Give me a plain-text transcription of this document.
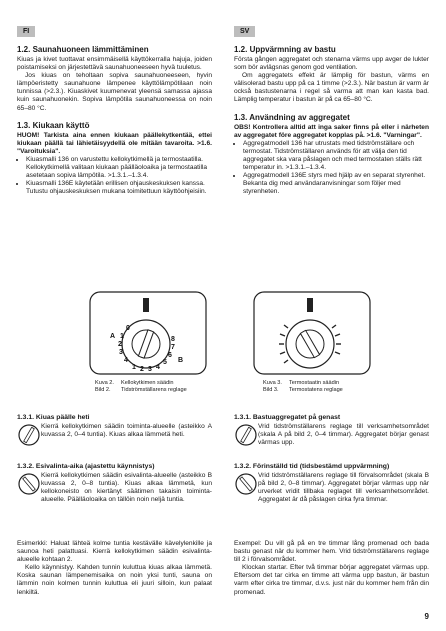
FI
1.2. Saunahuoneen lämmittäminen

Kiuas ja kivet tuottavat ensimmäisellä käyttökerralla hajuja, joiden poistamiseksi on järjestettävä saunahuoneeseen hyvä tuuletus.

Jos kiuas on teholtaan sopiva saunahuoneeseen, hyvin lämpöeristetty saunahuone lämpenee käyttölämpötilaan noin tunnissa (>2.3.). Kiuaskivet kuumenevat yleensä samassa ajassa kuin saunahuonekin. Sopiva lämpötila saunahuoneessa on noin 65–80 °C.

1.3. Kiukaan käyttö

HUOM! Tarkista aina ennen kiukaan päällekytkentää, ettei kiukaan päällä tai lähietäisyydellä ole mitään tavaroita. >1.6. "Varoituksia".

• Kiuasmalli 136 on varustettu kellokytkimellä ja termostaatilla. Kellokytkimellä valitaan kiukaan päälläoloaika ja termostaatilla asetetaan sopiva lämpötila. >1.3.1.–1.3.4.
• Kiuasmalli 136E käytetään erillisen ohjauskeskuksen kanssa. Tutustu ohjauskeskuksen mukana toimitettuun käyttöohjeisiin.
SV
1.2. Uppvärmning av bastu

Första gången aggregatet och stenarna värms upp avger de lukter som bör avlägsnas genom god ventilation.

Om aggregatets effekt är lämplig för bastun, värms en välisolerad bastu upp på ca 1 timme (>2.3.). När bastun är varm är också bastustenarna i regel så varma att man kan kasta bad. Lämplig temperatur i bastun är på ca 65–80 °C.

1.3. Användning av aggregatet

OBS! Kontrollera alltid att inga saker finns på eller i närheten av aggregatet före aggregatet kopplas på. >1.6. "Varningar".

• Aggregatmodell 136 har utrustats med tidströmställare och termostat. Tidströmställaren används för att välja den tid aggregatet ska vara påslagen och med termostaten ställs rätt temperatur in. >1.3.1.–1.3.4.
• Aggregatmodell 136E styrs med hjälp av en separat styrenhet. Bekanta dig med användaranvisningar som följer med styrenheten.
0
1
2
3
4
1 2 3 4
5
6
7
8
A
B
Kuva 2. Kellokytkimen säädin
Bild 2. Tidströmställarens reglage
Kuva 3. Termostaatin säädin
Bild 3. Termostatens reglage
1.3.1. Kiuas päälle heti

Kierrä kellokytkimen säädin toiminta-alueelle (asteikko A kuvassa 2, 0–4 tuntia). Kiuas alkaa lämmetä heti.

1.3.2. Esivalinta-aika (ajastettu käynnistys)

Kierrä kellokytkimen säädin esivalinta-alueelle (asteikko B kuvassa 2, 0–8 tuntia). Kiuas alkaa lämmetä, kun kellokoneisto on kiertänyt säätimen takaisin toiminta-alueelle. Päälläoloaika on tällöin noin neljä tuntia.

Esimerkki: Haluat lähteä kolme tuntia kestävälle kävelylenkille ja saunoa heti palattuasi. Kierrä kellokytkimen säädin esivalinta-alueelle kohtaan 2.

Kello käynnistyy. Kahden tunnin kuluttua kiuas alkaa lämmetä. Koska saunan lämpenemisaika on noin yksi tunti, sauna on lämmin noin kolmen tunnin kuluttua eli juuri silloin, kun palaat lenkiltä.

1.3.1. Bastuaggregatet på genast

Vrid tidströmställarens reglage till verksamhetsområdet (skala A på bild 2, 0–4 timmar). Aggregatet börjar genast värmas upp.

1.3.2. Förinställd tid (tidsbestämd uppvärmning)

Vrid tidströmställarens reglage till förvalsområdet (skala B på bild 2, 0–8 timmar). Aggregatet börjar värmas upp när urverket vridit tillbaka reglaget till verksamhetsområdet. Aggregatet är då påslagen cirka fyra timmar.

Exempel: Du vill gå på en tre timmar lång promenad och bada bastu genast när du kommer hem. Vrid tidströmställarens reglage till 2 i förvalsområdet.

Klockan startar. Efter två timmar börjar aggregatet värmas upp. Eftersom det tar cirka en timme att värma upp bastun, är bastun varm efter cirka tre timmar, d.v.s. just när du kommer hem från din promenad.

9
